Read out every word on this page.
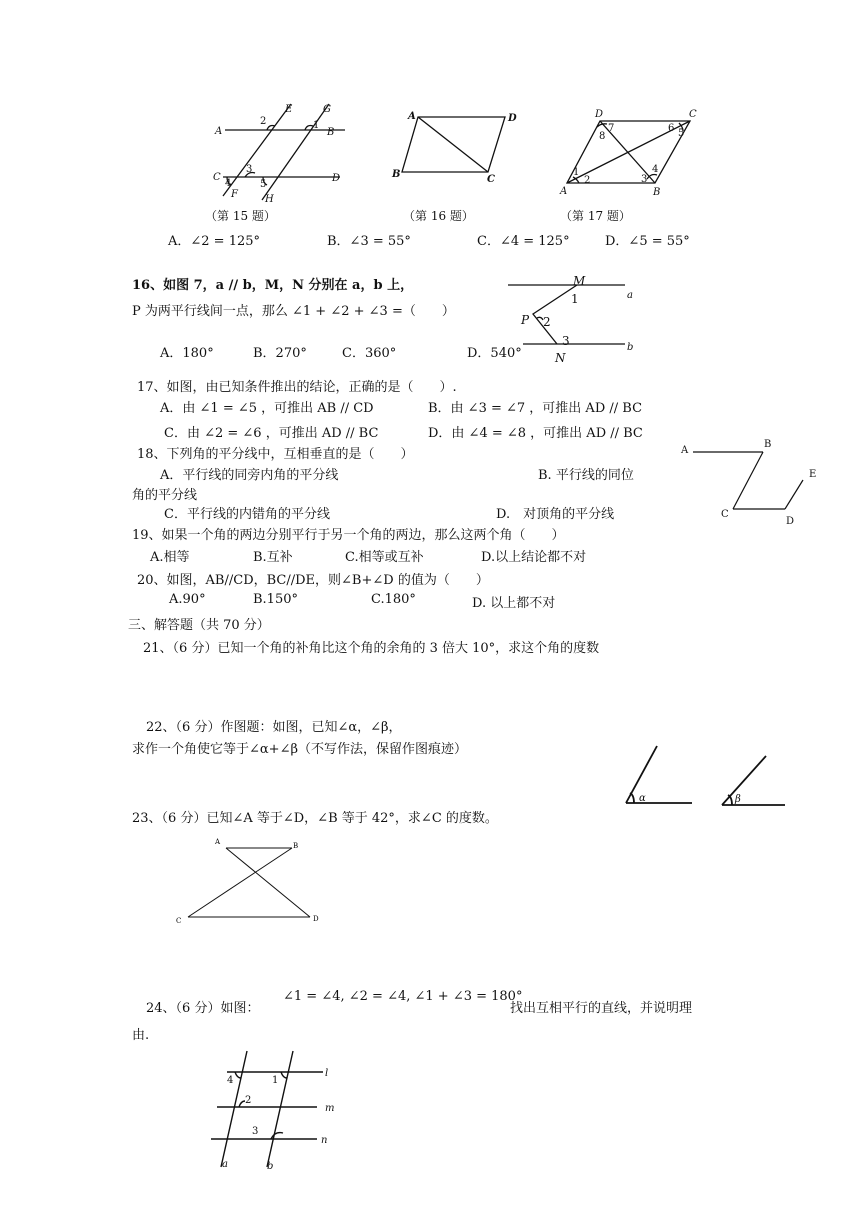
A	B
C	D
E
F
G
H
1
2
3
4	5
（第 15 题）
A	D
B	C
（第 16 题）
D	C
A	B
7
8
6 5
1
2	3
4
（第 17 题）
A．∠2 = 125°	B．∠3 = 55°	C．∠4 = 125°	D．∠5 = 55°
16、如图 7，a // b，M，N 分别在 a，b 上，
P 为两平行线间一点，那么 ∠1 + ∠2 + ∠3 =（　　）
A．180°	B．270°	C．360°	D．540°
M
N
P
a
b
1
2
3
17、如图，由已知条件推出的结论，正确的是（　　）.
A．由 ∠1 = ∠5 ，可推出 AB // CD	B．由 ∠3 = ∠7 ，可推出 AD // BC
C．由 ∠2 = ∠6 ，可推出 AD // BC	D．由 ∠4 = ∠8 ，可推出 AD // BC
18、下列角的平分线中，互相垂直的是（　　）
A．平行线的同旁内角的平分线	B. 平行线的同位
角的平分线
C．平行线的内错角的平分线	D.　对顶角的平分线
A
B
C
D
E
19、如果一个角的两边分别平行于另一个角的两边，那么这两个角（　　）
A.相等	B.互补	C.相等或互补	D.以上结论都不对
20、如图，AB//CD，BC//DE，则∠B+∠D 的值为（　　）
A.90°	B.150°	C.180°	D. 以上都不对
三、解答题（共 70 分）
21、（6 分）已知一个角的补角比这个角的余角的 3 倍大 10°，求这个角的度数
22、（6 分）作图题：如图，已知∠α，∠β，
求作一个角使它等于∠α+∠β（不写作法，保留作图痕迹）
α	β
23、（6 分）已知∠A 等于∠D，∠B 等于 42°，求∠C 的度数。
A	B
C	D
24、（6 分）如图：
∠1 = ∠4, ∠2 = ∠4, ∠1 + ∠3 = 180°
找出互相平行的直线，并说明理
由.
l
m
n
a	b
1
2
3
4
